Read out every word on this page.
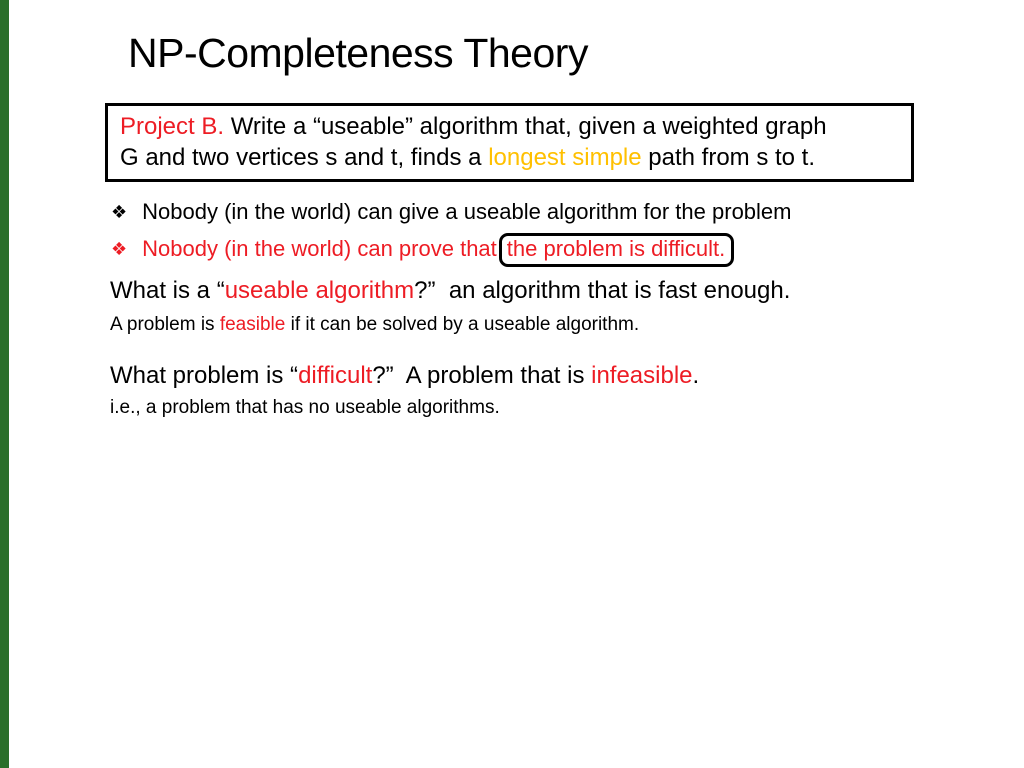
NP-Completeness Theory
Project B. Write a “useable” algorithm that, given a weighted graph
G and two vertices s and t, finds a longest simple path from s to t.
❖ Nobody (in the world) can give a useable algorithm for the problem
❖ Nobody (in the world) can prove that the problem is difficult.
What is a “useable algorithm?”  an algorithm that is fast enough.
A problem is feasible if it can be solved by a useable algorithm.
What problem is “difficult?”  A problem that is infeasible.
i.e., a problem that has no useable algorithms.
